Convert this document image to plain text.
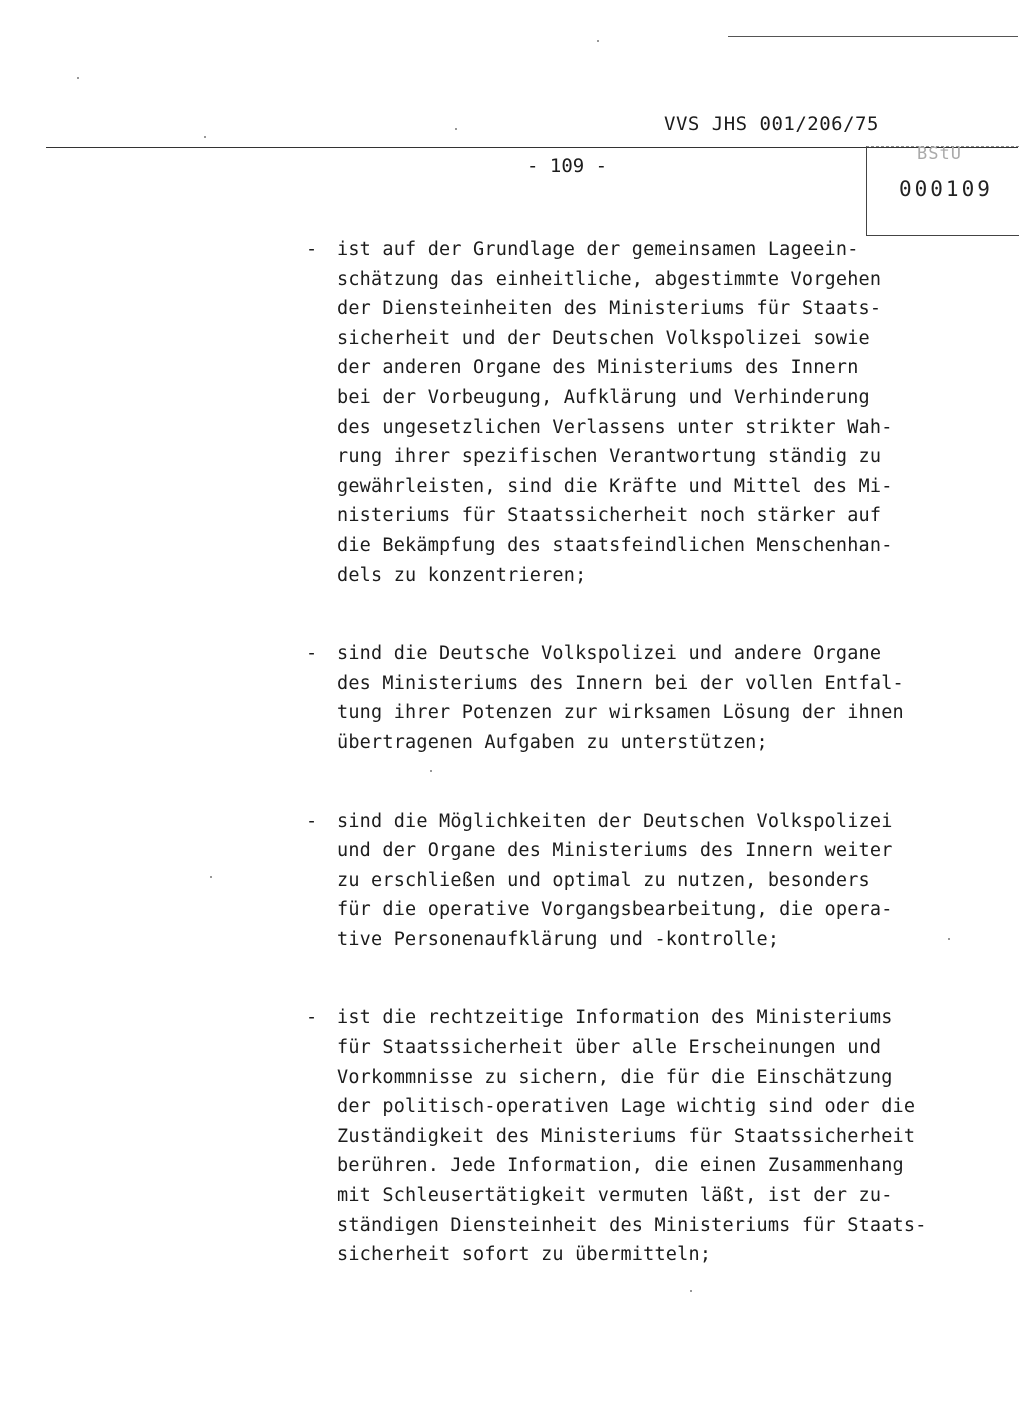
VVS JHS 001/206/75
- 109 -
BStU
000109
- ist auf der Grundlage der gemeinsamen Lageein-
schätzung das einheitliche, abgestimmte Vorgehen
der Diensteinheiten des Ministeriums für Staats-
sicherheit und der Deutschen Volkspolizei sowie
der anderen Organe des Ministeriums des Innern
bei der Vorbeugung, Aufklärung und Verhinderung
des ungesetzlichen Verlassens unter strikter Wah-
rung ihrer spezifischen Verantwortung ständig zu
gewährleisten, sind die Kräfte und Mittel des Mi-
nisteriums für Staatssicherheit noch stärker auf
die Bekämpfung des staatsfeindlichen Menschenhan-
dels zu konzentrieren;
- sind die Deutsche Volkspolizei und andere Organe
des Ministeriums des Innern bei der vollen Entfal-
tung ihrer Potenzen zur wirksamen Lösung der ihnen
übertragenen Aufgaben zu unterstützen;
- sind die Möglichkeiten der Deutschen Volkspolizei
und der Organe des Ministeriums des Innern weiter
zu erschließen und optimal zu nutzen, besonders
für die operative Vorgangsbearbeitung, die opera-
tive Personenaufklärung und -kontrolle;
- ist die rechtzeitige Information des Ministeriums
für Staatssicherheit über alle Erscheinungen und
Vorkommnisse zu sichern, die für die Einschätzung
der politisch-operativen Lage wichtig sind oder die
Zuständigkeit des Ministeriums für Staatssicherheit
berühren. Jede Information, die einen Zusammenhang
mit Schleusertätigkeit vermuten läßt, ist der zu-
ständigen Diensteinheit des Ministeriums für Staats-
sicherheit sofort zu übermitteln;
